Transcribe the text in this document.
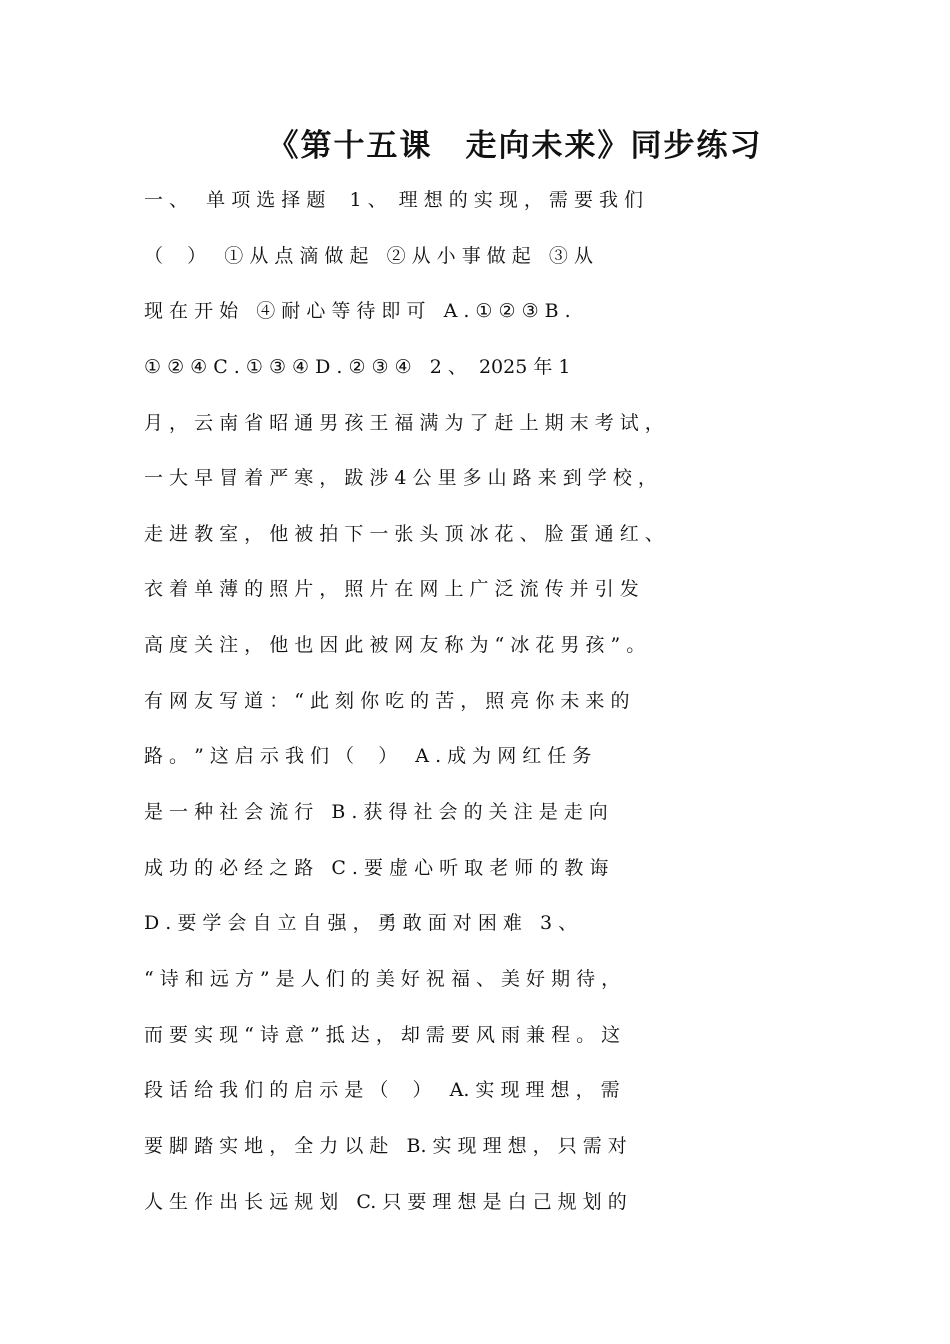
《第十五课　走向未来》同步练习
一 、   单 项 选 择 题    1 、  理 想 的 实 现 ， 需 要 我 们
（    ）   ① 从 点 滴 做 起   ② 从 小 事 做 起   ③ 从
现 在 开 始   ④ 耐 心 等 待 即 可   A . ① ② ③ B .
① ② ④ C . ① ③ ④ D . ② ③ ④   2 、  2025 年 1
月 ， 云 南 省 昭 通 男 孩 王 福 满 为 了 赶 上 期 末 考 试 ，
一 大 早 冒 着 严 寒 ， 跋 涉 4 公 里 多 山 路 来 到 学 校 ，
走 进 教 室 ， 他 被 拍 下 一 张 头 顶 冰 花 、 脸 蛋 通 红 、
衣 着 单 薄 的 照 片 ， 照 片 在 网 上 广 泛 流 传 并 引 发
高 度 关 注 ， 他 也 因 此 被 网 友 称 为 “ 冰 花 男 孩 ” 。
有 网 友 写 道 ： “ 此 刻 你 吃 的 苦 ， 照 亮 你 未 来 的
路 。 ” 这 启 示 我 们 （    ）   A . 成 为 网 红 任 务
是 一 种 社 会 流 行   B . 获 得 社 会 的 关 注 是 走 向
成 功 的 必 经 之 路   C . 要 虚 心 听 取 老 师 的 教 诲
D . 要 学 会 自 立 自 强 ， 勇 敢 面 对 困 难   3 、
“ 诗 和 远 方 ” 是 人 们 的 美 好 祝 福 、 美 好 期 待 ，
而 要 实 现 “ 诗 意 ” 抵 达 ， 却 需 要 风 雨 兼 程 。 这
段 话 给 我 们 的 启 示 是 （    ）   A. 实 现 理 想 ， 需
要 脚 踏 实 地 ， 全 力 以 赴   B. 实 现 理 想 ， 只 需 对
人 生 作 出 长 远 规 划   C. 只 要 理 想 是 白 己 规 划 的
